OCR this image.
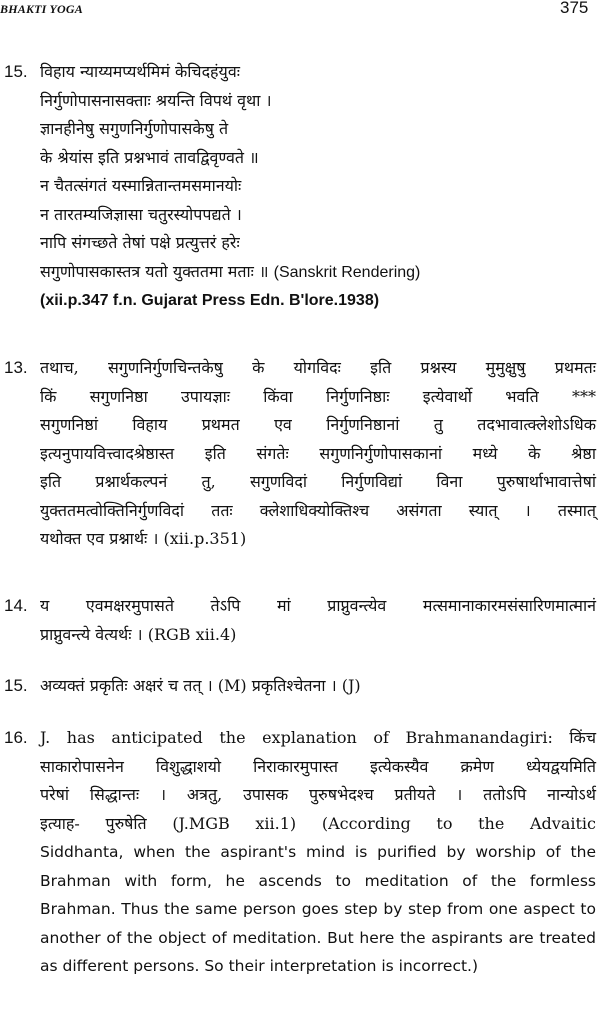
BHAKTI YOGA	375
15. विहाय न्याय्यमप्यर्थमिमं केचिदहंयुवः
निर्गुणोपासनासक्ताः श्रयन्ति विपथं वृथा ।
ज्ञानहीनेषु सगुणनिर्गुणोपासकेषु ते
के श्रेयांस इति प्रश्नभावं तावद्विवृण्वते ॥
न चैतत्संगतं यस्मान्नितान्तमसमानयोः
न तारतम्यजिज्ञासा चतुरस्योपपद्यते ।
नापि संगच्छते तेषां पक्षे प्रत्युत्तरं हरेः
सगुणोपासकास्तत्र यतो युक्ततमा मताः ॥ (Sanskrit Rendering)
(xii.p.347 f.n. Gujarat Press Edn. B'lore.1938)
13. तथाच, सगुणनिर्गुणचिन्तकेषु के योगविदः इति प्रश्नस्य मुमुक्षुषु प्रथमतः
किं सगुणनिष्ठा उपायज्ञाः किंवा निर्गुणनिष्ठाः इत्येवार्थो भवति ***
सगुणनिष्ठां विहाय प्रथमत एव निर्गुणनिष्ठानां तु तदभावात्क्लेशोऽधिक
इत्यनुपायवित्त्वादश्रेष्ठास्त इति संगतेः सगुणनिर्गुणोपासकानां मध्ये के श्रेष्ठा
इति प्रश्नार्थकल्पनं तु, सगुणविदां निर्गुणविद्यां विना पुरुषार्थाभावात्तेषां
युक्ततमत्वोक्तिनिर्गुणविदां ततः क्लेशाधिक्योक्तिश्च असंगता स्यात् । तस्मात्
यथोक्त एव प्रश्नार्थः । (xii.p.351)
14. य एवमक्षरमुपासते तेऽपि मां प्राप्नुवन्त्येव मत्समानाकारमसंसारिणमात्मानं
प्राप्नुवन्त्ये वेत्यर्थः । (RGB xii.4)
15. अव्यक्तं प्रकृतिः अक्षरं च तत् । (M) प्रकृतिश्चेतना । (J)
16. J. has anticipated the explanation of Brahmanandagiri: किंच
साकारोपासनेन विशुद्धाशयो निराकारमुपास्त इत्येकस्यैव क्रमेण ध्येयद्वयमिति
परेषां सिद्धान्तः । अत्रतु, उपासक पुरुषभेदश्च प्रतीयते । ततोऽपि नान्योऽर्थ
इत्याह- पुरुषेति (J.MGB xii.1) (According to the Advaitic
Siddhanta, when the aspirant's mind is purified by worship of the Brahman with form, he ascends to meditation of the formless Brahman. Thus the same person goes step by step from one aspect to another of the object of meditation. But here the aspirants are treated as different persons. So their interpretation is incorrect.)
